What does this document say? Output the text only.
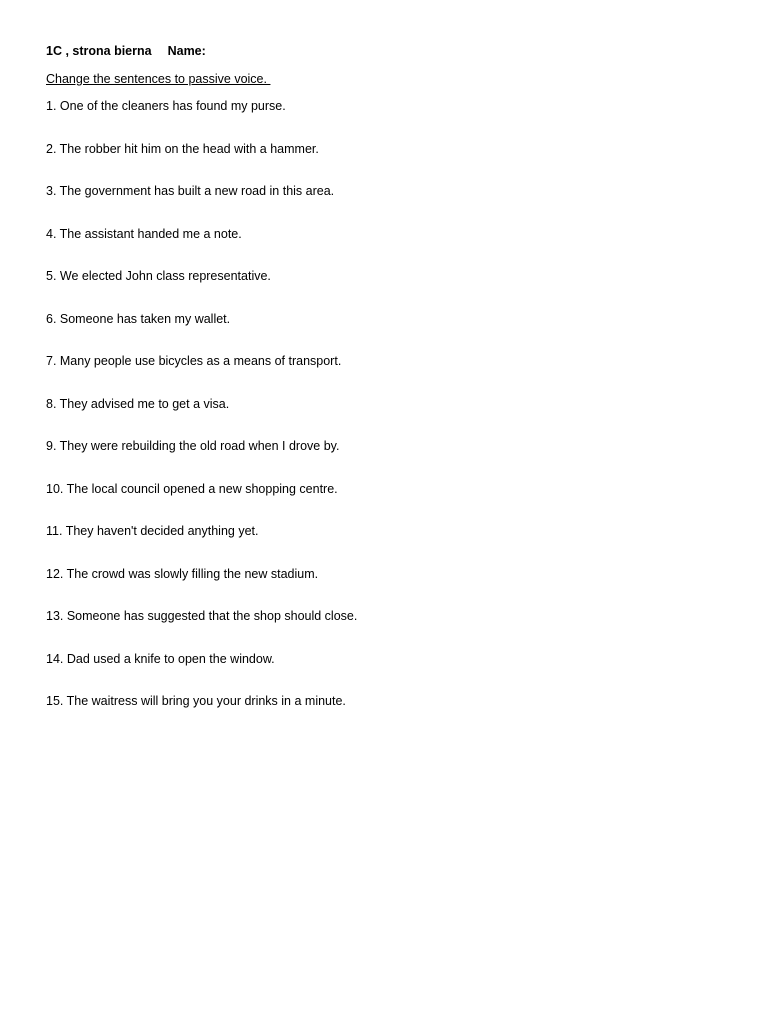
1C , strona bierna Name:
Change the sentences to passive voice.
1. One of the cleaners has found my purse.
2. The robber hit him on the head with a hammer.
3. The government has built a new road in this area.
4. The assistant handed me a note.
5. We elected John class representative.
6. Someone has taken my wallet.
7. Many people use bicycles as a means of transport.
8. They advised me to get a visa.
9. They were rebuilding the old road when I drove by.
10. The local council opened a new shopping centre.
11. They haven't decided anything yet.
12. The crowd was slowly filling the new stadium.
13. Someone has suggested that the shop should close.
14. Dad used a knife to open the window.
15. The waitress will bring you your drinks in a minute.
